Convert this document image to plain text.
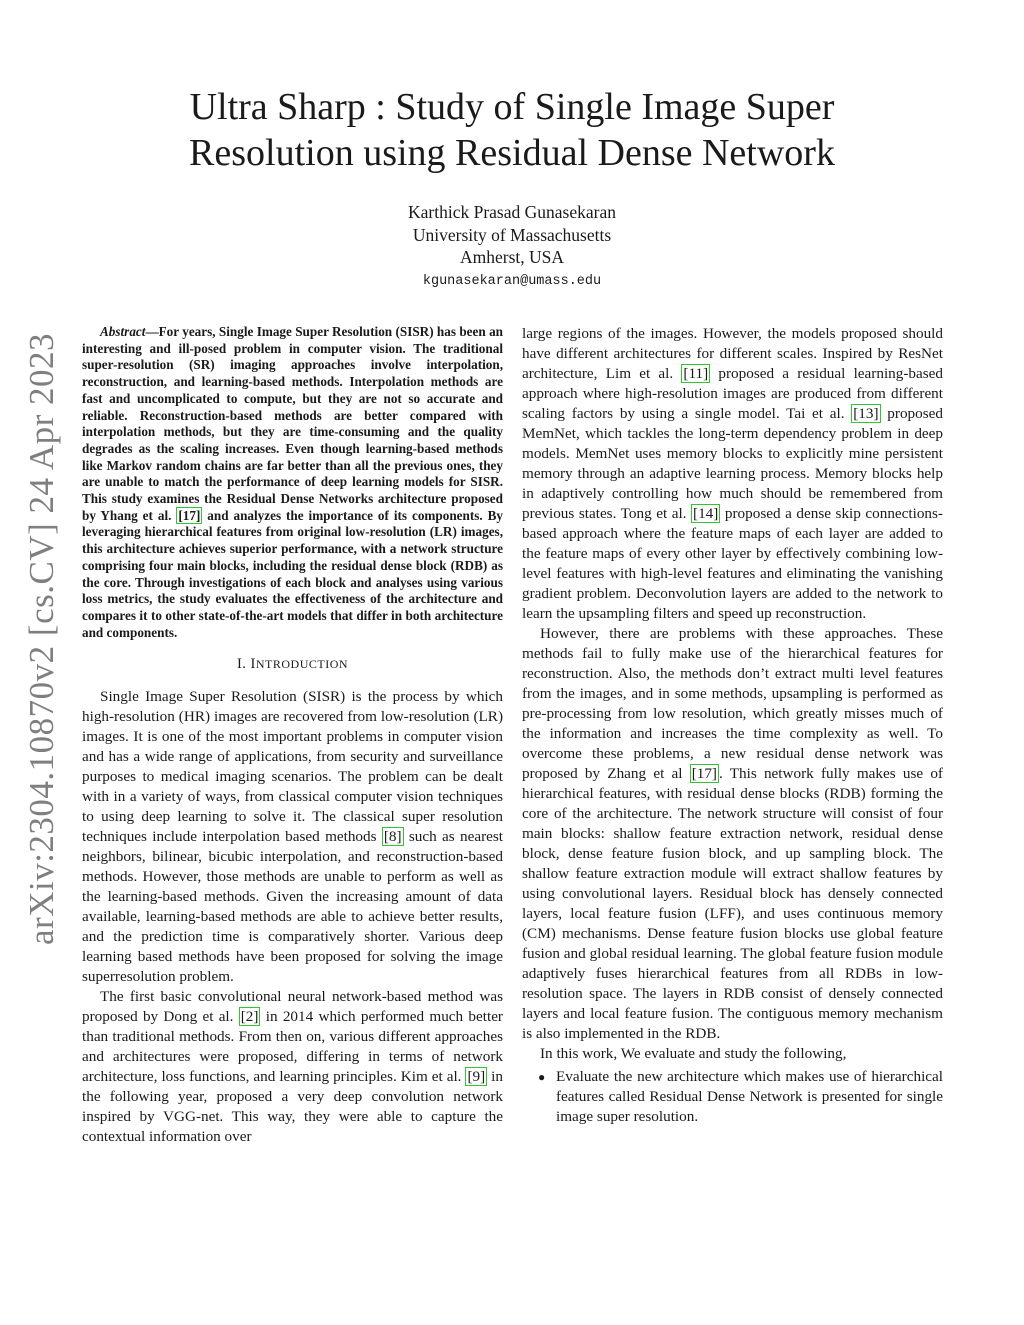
arXiv:2304.10870v2 [cs.CV] 24 Apr 2023
Ultra Sharp : Study of Single Image Super
Resolution using Residual Dense Network
Karthick Prasad Gunasekaran
University of Massachusetts
Amherst, USA
kgunasekaran@umass.edu

Abstract—For years, Single Image Super Resolution (SISR) has been an interesting and ill-posed problem in computer vision. The traditional super-resolution (SR) imaging approaches involve interpolation, reconstruction, and learning-based methods. Interpolation methods are fast and uncomplicated to compute, but they are not so accurate and reliable. Reconstruction-based methods are better compared with interpolation methods, but they are time-consuming and the quality degrades as the scaling increases. Even though learning-based methods like Markov random chains are far better than all the previous ones, they are unable to match the performance of deep learning models for SISR. This study examines the Residual Dense Networks architecture proposed by Yhang et al. [17] and analyzes the importance of its components. By leveraging hierarchical features from original low-resolution (LR) images, this architecture achieves superior performance, with a network structure comprising four main blocks, including the residual dense block (RDB) as the core. Through investigations of each block and analyses using various loss metrics, the study evaluates the effectiveness of the architecture and compares it to other state-of-the-art models that differ in both architecture and components.

I. INTRODUCTION

Single Image Super Resolution (SISR) is the process by which high-resolution (HR) images are recovered from low-resolution (LR) images. It is one of the most important problems in computer vision and has a wide range of applications, from security and surveillance purposes to medical imaging scenarios. The problem can be dealt with in a variety of ways, from classical computer vision techniques to using deep learning to solve it. The classical super resolution techniques include interpolation based methods [8] such as nearest neighbors, bilinear, bicubic interpolation, and reconstruction-based methods. However, those methods are unable to perform as well as the learning-based methods. Given the increasing amount of data available, learning-based methods are able to achieve better results, and the prediction time is comparatively shorter. Various deep learning based methods have been proposed for solving the image superresolution problem.

The first basic convolutional neural network-based method was proposed by Dong et al. [2] in 2014 which performed much better than traditional methods. From then on, various different approaches and architectures were proposed, differing in terms of network architecture, loss functions, and learning principles. Kim et al. [9] in the following year, proposed a very deep convolution network inspired by VGG-net. This way, they were able to capture the contextual information over

large regions of the images. However, the models proposed should have different architectures for different scales. Inspired by ResNet architecture, Lim et al. [11] proposed a residual learning-based approach where high-resolution images are produced from different scaling factors by using a single model. Tai et al. [13] proposed MemNet, which tackles the long-term dependency problem in deep models. MemNet uses memory blocks to explicitly mine persistent memory through an adaptive learning process. Memory blocks help in adaptively controlling how much should be remembered from previous states. Tong et al. [14] proposed a dense skip connections-based approach where the feature maps of each layer are added to the feature maps of every other layer by effectively combining low-level features with high-level features and eliminating the vanishing gradient problem. Deconvolution layers are added to the network to learn the upsampling filters and speed up reconstruction.

However, there are problems with these approaches. These methods fail to fully make use of the hierarchical features for reconstruction. Also, the methods don’t extract multi level features from the images, and in some methods, upsampling is performed as pre-processing from low resolution, which greatly misses much of the information and increases the time complexity as well. To overcome these problems, a new residual dense network was proposed by Zhang et al [17] . This network fully makes use of hierarchical features, with residual dense blocks (RDB) forming the core of the architecture. The network structure will consist of four main blocks: shallow feature extraction network, residual dense block, dense feature fusion block, and up sampling block. The shallow feature extraction module will extract shallow features by using convolutional layers. Residual block has densely connected layers, local feature fusion (LFF), and uses continuous memory (CM) mechanisms. Dense feature fusion blocks use global feature fusion and global residual learning. The global feature fusion module adaptively fuses hierarchical features from all RDBs in low-resolution space. The layers in RDB consist of densely connected layers and local feature fusion. The contiguous memory mechanism is also implemented in the RDB.

In this work, We evaluate and study the following,

● Evaluate the new architecture which makes use of hierarchical features called Residual Dense Network is presented for single image super resolution.
